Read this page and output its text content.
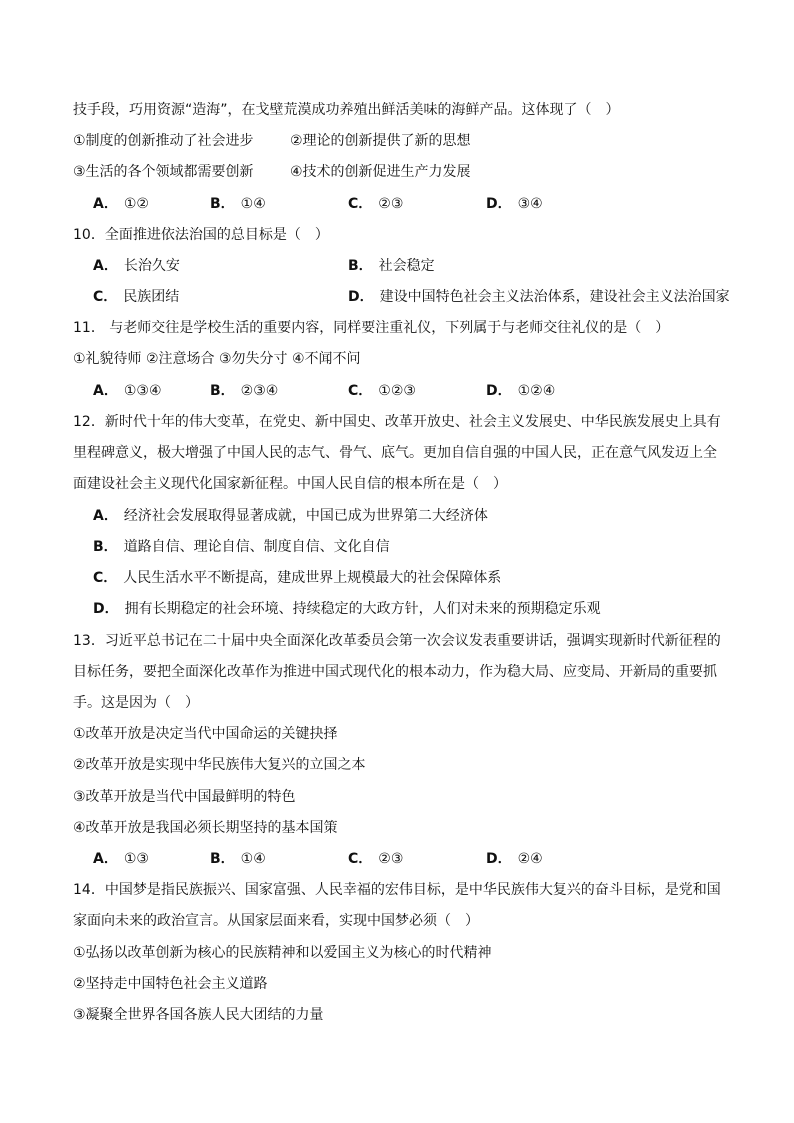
技手段，巧用资源“造海”，在戈壁荒漠成功养殖出鲜活美味的海鲜产品。这体现了（　）
①制度的创新推动了社会进步	②理论的创新提供了新的思想
③生活的各个领域都需要创新	④技术的创新促进生产力发展
A． ①②	B． ①④	C． ②③	D． ③④
10．全面推进依法治国的总目标是（　）
A． 长治久安	B． 社会稳定
C． 民族团结	D． 建设中国特色社会主义法治体系，建设社会主义法治国家
11． 与老师交往是学校生活的重要内容，同样要注重礼仪，下列属于与老师交往礼仪的是（　）
①礼貌待师 ②注意场合 ③勿失分寸 ④不闻不问
A． ①③④	B． ②③④	C． ①②③	D． ①②④
12．新时代十年的伟大变革，在党史、新中国史、改革开放史、社会主义发展史、中华民族发展史上具有
里程碑意义，极大增强了中国人民的志气、骨气、底气。更加自信自强的中国人民，正在意气风发迈上全
面建设社会主义现代化国家新征程。中国人民自信的根本所在是（　）
A． 经济社会发展取得显著成就，中国已成为世界第二大经济体
B． 道路自信、理论自信、制度自信、文化自信
C． 人民生活水平不断提高，建成世界上规模最大的社会保障体系
D． 拥有长期稳定的社会环境、持续稳定的大政方针，人们对未来的预期稳定乐观
13．习近平总书记在二十届中央全面深化改革委员会第一次会议发表重要讲话，强调实现新时代新征程的
目标任务，要把全面深化改革作为推进中国式现代化的根本动力，作为稳大局、应变局、开新局的重要抓
手。这是因为（　）
①改革开放是决定当代中国命运的关键抉择
②改革开放是实现中华民族伟大复兴的立国之本
③改革开放是当代中国最鲜明的特色
④改革开放是我国必须长期坚持的基本国策
A． ①③	B． ①④	C． ②③	D． ②④
14．中国梦是指民族振兴、国家富强、人民幸福的宏伟目标，是中华民族伟大复兴的奋斗目标，是党和国
家面向未来的政治宣言。从国家层面来看，实现中国梦必须（　）
①弘扬以改革创新为核心的民族精神和以爱国主义为核心的时代精神
②坚持走中国特色社会主义道路
③凝聚全世界各国各族人民大团结的力量
